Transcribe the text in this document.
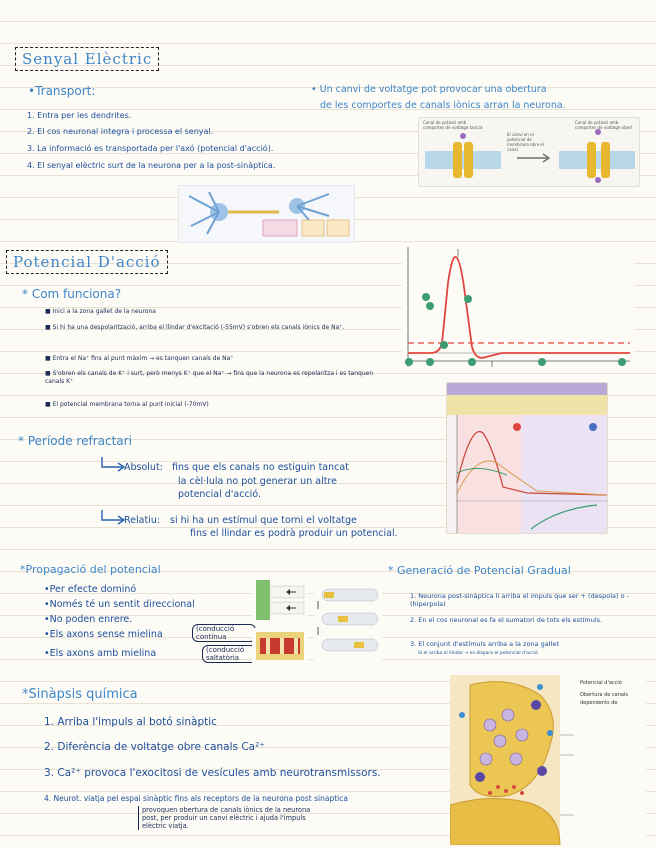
Senyal Elèctric
•Transport:
1. Entra per les dendrites.
2. El cos neuronal integra i processa el senyal.
3. La informació es transportada per l'axó (potencial d'acció).
4. El senyal elèctric surt de la neurona per a la post-sinàptica.
• Un canvi de voltatge pot provocar una obertura
de les comportes de canals iònics arran la neurona.
Canal de potassi amb comportes de voltatge tancat
El canvi en el potencial de membrana obre el canal
Canal de potassi amb comportes de voltatge obert
Potencial D'acció
* Com funciona?
■ Inici a la zona gallet de la neurona
■ Si hi ha una despolarització, arriba el llindar d'excitació (-55mV) s'obren els canals iònics de Na⁺.
■ Entra el Na⁺ fins al punt màxim → es tanquen canals de Na⁺
■ S'obren els canals de K⁺ i surt, però menys K⁺ que el Na⁺ → fins que la neurona es repolaritza i es tanquen canals K⁺
■ El potencial membrana torna al punt inicial (-70mV)
* Període refractari
Absolut: fins que els canals no estiguin tancat
la cèl·lula no pot generar un altre
potencial d'acció.
Relatiu: si hi ha un estímul que torni el voltatge
fins el llindar es podrà produir un potencial.
*Propagació del potencial
•Per efecte dominó
•Només té un sentit direccional
•No poden enrere.
•Els axons sense mielina
•Els axons amb mielina
(conducció contínua
(conducció saltatòria
* Generació de Potencial Gradual
1. Neurona post-sinàptica li arriba el impuls que ser + (despola) o - (hiperpola)
2. En el cos neuronal es fa el sumatori de tots els estímuls.
3. El conjunt d'estímuls arriba a la zona gallet
Si el arriba al llindar → es dispara el potencial d'acció
*Sinàpsis química
1. Arriba l'impuls al botó sinàptic
2. Diferència de voltatge obre canals Ca²⁺
3. Ca²⁺ provoca l'exocitosi de vesícules amb neurotransmissors.
4. Neurot. viatja pel espai sinàptic fins als receptors de la neurona post sinaptica
provoquen obertura de canals iònics de la neurona
post, per produir un canvi elèctric i ajuda l'impuls
elèctric viatja.
Potencial d'acció
Obertura de canals
dependents de
